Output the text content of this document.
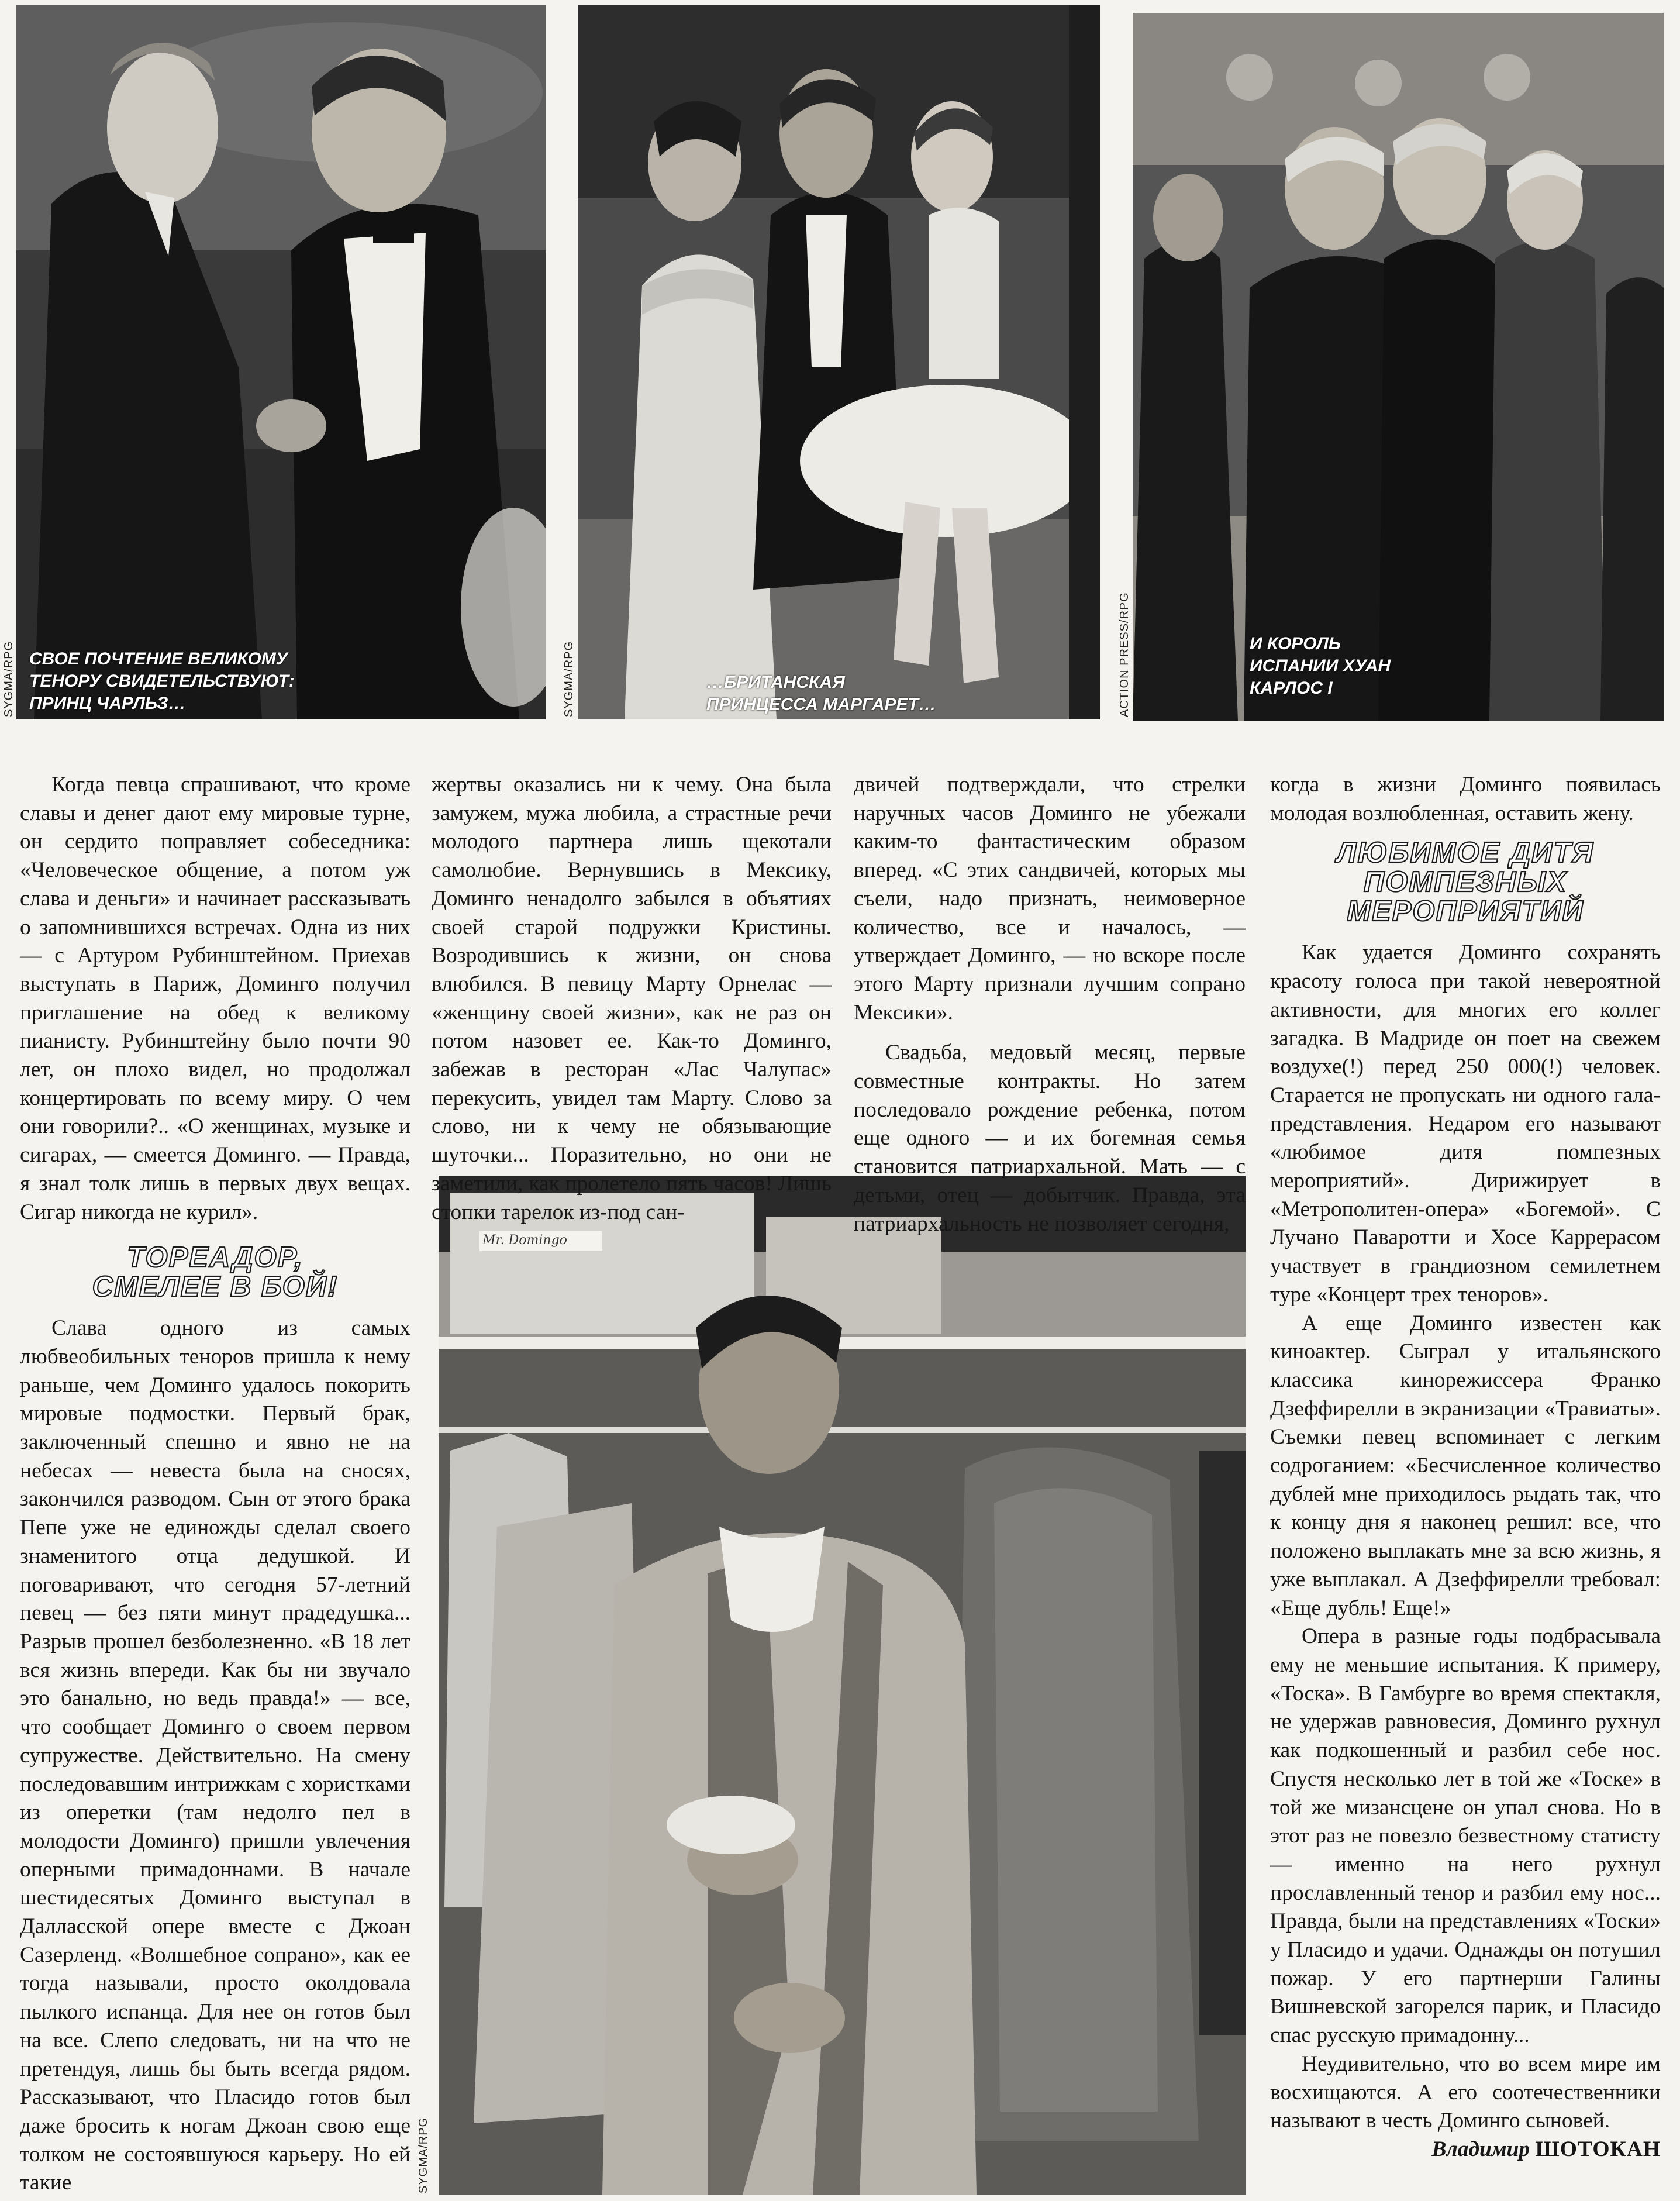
СВОЕ ПОЧТЕНИЕ ВЕЛИКОМУ ТЕНОРУ СВИДЕТЕЛЬСТВУЮТ: ПРИНЦ ЧАРЛЬЗ…
SYGMA/RPG	…БРИТАНСКАЯ ПРИНЦЕССА МАРГАРЕТ…
SYGMA/RPG	И КОРОЛЬ ИСПАНИИ ХУАН КАРЛОС I
ACTION PRESS/RPG
Mr. Domingo
SYGMA/RPG

Когда певца спрашивают, что кроме славы и денег дают ему мировые турне, он сердито поправляет собеседника: «Человеческое общение, а потом уж слава и деньги» и начинает рассказывать о запомнившихся встречах. Одна из них — с Артуром Рубинштейном. Приехав выступать в Париж, Доминго получил приглашение на обед к великому пианисту. Рубинштейну было почти 90 лет, он плохо видел, но продолжал концертировать по всему миру. О чем они говорили?.. «О женщинах, музыке и сигарах, — смеется Доминго. — Правда, я знал толк лишь в первых двух вещах. Сигар никогда не курил».

ТОРЕАДОР, СМЕЛЕЕ В БОЙ!

Слава одного из самых любвеобильных теноров пришла к нему раньше, чем Доминго удалось покорить мировые подмостки. Первый брак, заключенный спешно и явно не на небесах — невеста была на сносях, закончился разводом. Сын от этого брака Пепе уже не единожды сделал своего знаменитого отца дедушкой. И поговаривают, что сегодня 57-летний певец — без пяти минут прадедушка... Разрыв прошел безболезненно. «В 18 лет вся жизнь впереди. Как бы ни звучало это банально, но ведь правда!» — все, что сообщает Доминго о своем первом супружестве. Действительно. На смену последовавшим интрижкам с хористками из оперетки (там недолго пел в молодости Доминго) пришли увлечения оперными примадоннами. В начале шестидесятых Доминго выступал в Далласской опере вместе с Джоан Сазерленд. «Волшебное сопрано», как ее тогда называли, просто околдовала пылкого испанца. Для нее он готов был на все. Слепо следовать, ни на что не претендуя, лишь бы быть всегда рядом. Рассказывают, что Пласидо готов был даже бросить к ногам Джоан свою еще толком не состоявшуюся карьеру. Но ей такие

жертвы оказались ни к чему. Она была замужем, мужа любила, а страстные речи молодого партнера лишь щекотали самолюбие. Вернувшись в Мексику, Доминго ненадолго забылся в объятиях своей старой подружки Кристины. Возродившись к жизни, он снова влюбился. В певицу Марту Орнелас — «женщину своей жизни», как не раз он потом назовет ее. Как-то Доминго, забежав в ресторан «Лас Чалупас» перекусить, увидел там Марту. Слово за слово, ни к чему не обязывающие шуточки... Поразительно, но они не заметили, как пролетело пять часов! Лишь стопки тарелок из-под сан-

двичей подтверждали, что стрелки наручных часов Доминго не убежали каким-то фантастическим образом вперед. «С этих сандвичей, которых мы съели, надо признать, неимоверное количество, все и началось, — утверждает Доминго, — но вскоре после этого Марту признали лучшим сопрано Мексики».

Свадьба, медовый месяц, первые совместные контракты. Но затем последовало рождение ребенка, потом еще одного — и их богемная семья становится патриархальной. Мать — с детьми, отец — добытчик. Правда, эта патриархальность не позволяет сегодня,

когда в жизни Доминго появилась молодая возлюбленная, оставить жену.

ЛЮБИМОЕ ДИТЯ ПОМПЕЗНЫХ МЕРОПРИЯТИЙ

Как удается Доминго сохранять красоту голоса при такой невероятной активности, для многих его коллег загадка. В Мадриде он поет на свежем воздухе(!) перед 250 000(!) человек. Старается не пропускать ни одного гала-представления. Недаром его называют «любимое дитя помпезных мероприятий». Дирижирует в «Метрополитен-опера» «Богемой». С Лучано Паваротти и Хосе Каррерасом участвует в грандиозном семилетнем туре «Концерт трех теноров».

А еще Доминго известен как киноактер. Сыграл у итальянского классика кинорежиссера Франко Дзеффирелли в экранизации «Травиаты». Съемки певец вспоминает с легким содроганием: «Бесчисленное количество дублей мне приходилось рыдать так, что к концу дня я наконец решил: все, что положено выплакать мне за всю жизнь, я уже выплакал. А Дзеффирелли требовал: «Еще дубль! Еще!»

Опера в разные годы подбрасывала ему не меньшие испытания. К примеру, «Тоска». В Гамбурге во время спектакля, не удержав равновесия, Доминго рухнул как подкошенный и разбил себе нос. Спустя несколько лет в той же «Тоске» в той же мизансцене он упал снова. Но в этот раз не повезло безвестному статисту — именно на него рухнул прославленный тенор и разбил ему нос... Правда, были на представлениях «Тоски» у Пласидо и удачи. Однажды он потушил пожар. У его партнерши Галины Вишневской загорелся парик, и Пласидо спас русскую примадонну...

Неудивительно, что во всем мире им восхищаются. А его соотечественники называют в честь Доминго сыновей.

Владимир ШОТОКАН
